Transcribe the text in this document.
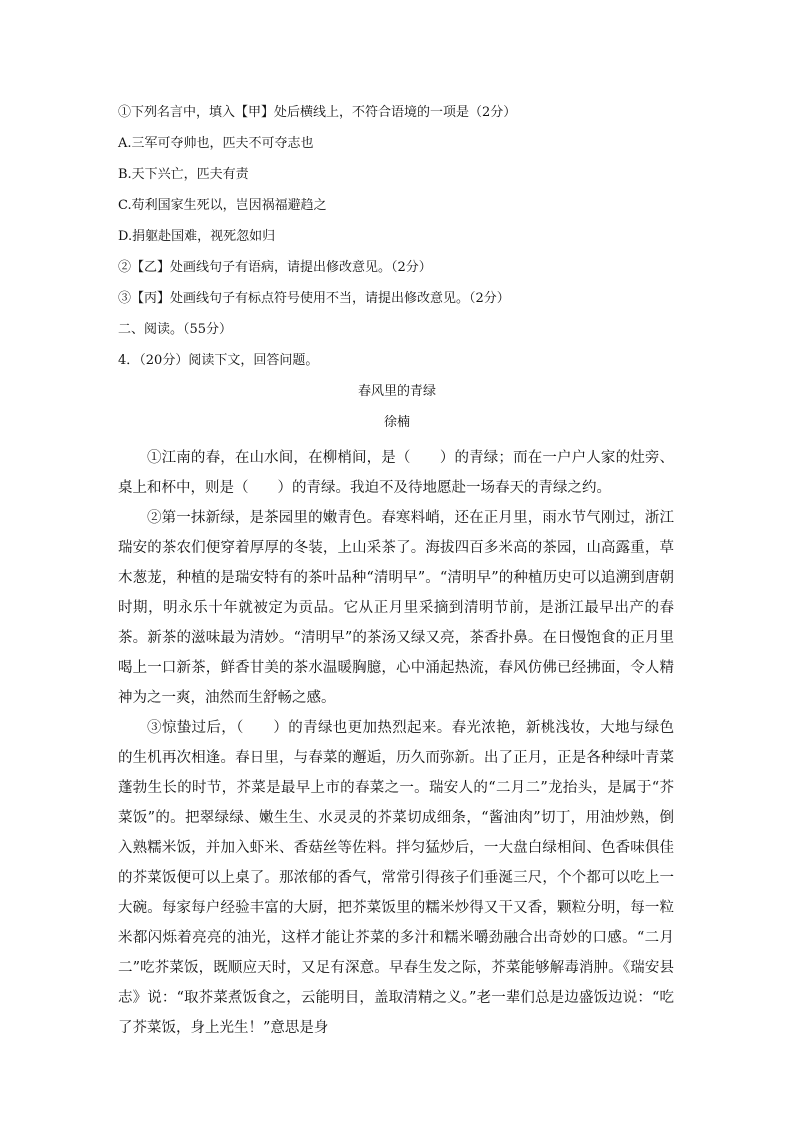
①下列名言中，填入【甲】处后横线上，不符合语境的一项是（2分）
A.三军可夺帅也，匹夫不可夺志也
B.天下兴亡，匹夫有责
C.苟利国家生死以，岂因祸福避趋之
D.捐躯赴国难，视死忽如归
②【乙】处画线句子有语病，请提出修改意见。（2分）
③【丙】处画线句子有标点符号使用不当，请提出修改意见。（2分）
二、阅读。（55分）
4．（20分）阅读下文，回答问题。
春风里的青绿
徐楠

①江南的春，在山水间，在柳梢间，是（　　）的青绿；而在一户户人家的灶旁、桌上和杯中，则是（　　）的青绿。我迫不及待地愿赴一场春天的青绿之约。

②第一抹新绿，是茶园里的嫩青色。春寒料峭，还在正月里，雨水节气刚过，浙江瑞安的茶农们便穿着厚厚的冬装，上山采茶了。海拔四百多米高的茶园，山高露重，草木葱茏，种植的是瑞安特有的茶叶品种“清明早”。“清明早”的种植历史可以追溯到唐朝时期，明永乐十年就被定为贡品。它从正月里采摘到清明节前，是浙江最早出产的春茶。新茶的滋味最为清妙。“清明早”的茶汤又绿又亮，茶香扑鼻。在日慢饱食的正月里喝上一口新茶，鲜香甘美的茶水温暖胸臆，心中涌起热流，春风仿佛已经拂面，令人精神为之一爽，油然而生舒畅之感。

③惊蛰过后，（　　）的青绿也更加热烈起来。春光浓艳，新桃浅妆，大地与绿色的生机再次相逢。春日里，与春菜的邂逅，历久而弥新。出了正月，正是各种绿叶青菜蓬勃生长的时节，芥菜是最早上市的春菜之一。瑞安人的“二月二”龙抬头，是属于“芥菜饭”的。把翠绿绿、嫩生生、水灵灵的芥菜切成细条，“酱油肉”切丁，用油炒熟，倒入熟糯米饭，并加入虾米、香菇丝等佐料。拌匀猛炒后，一大盘白绿相间、色香味俱佳的芥菜饭便可以上桌了。那浓郁的香气，常常引得孩子们垂涎三尺，个个都可以吃上一大碗。每家每户经验丰富的大厨，把芥菜饭里的糯米炒得又干又香，颗粒分明，每一粒米都闪烁着亮亮的油光，这样才能让芥菜的多汁和糯米嚼劲融合出奇妙的口感。“二月二”吃芥菜饭，既顺应天时，又足有深意。早春生发之际，芥菜能够解毒消肿。《瑞安县志》说：“取芥菜煮饭食之，云能明目，盖取清精之义。”老一辈们总是边盛饭边说：“吃了芥菜饭，身上光生！”意思是身
